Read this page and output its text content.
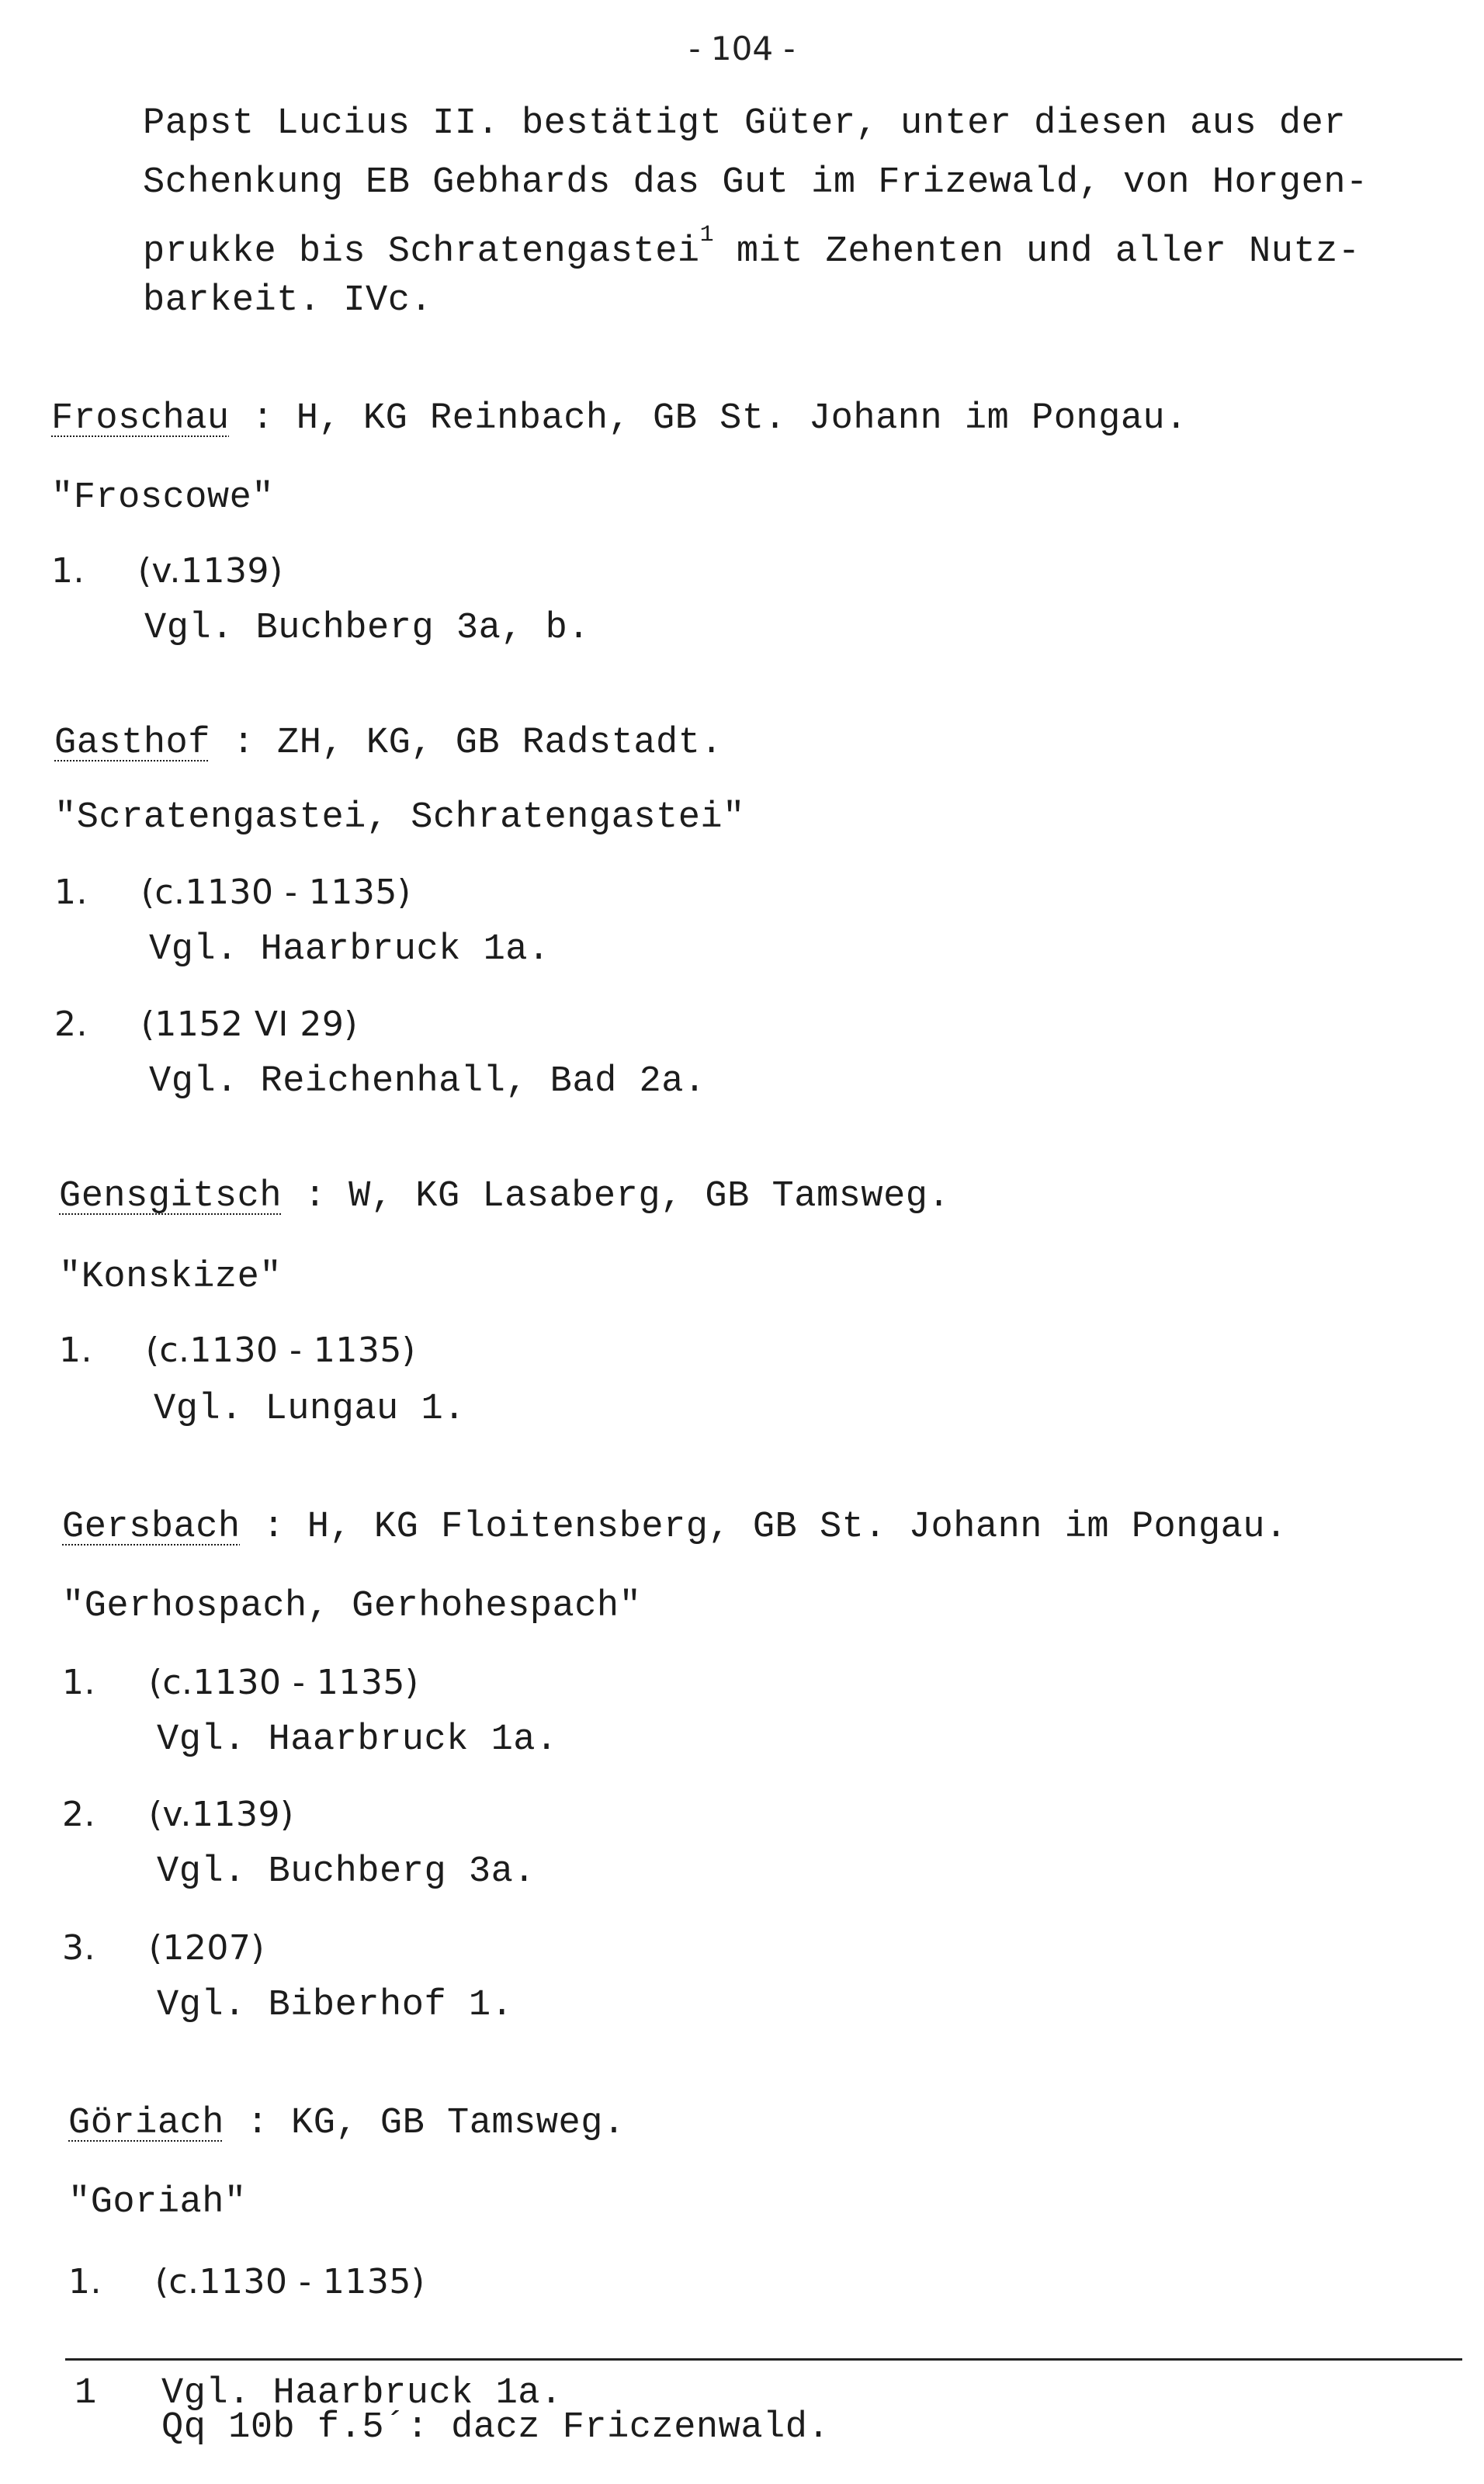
- 104 -
Papst Lucius II. bestätigt Güter, unter diesen aus der
Schenkung EB Gebhards das Gut im Frizewald, von Horgen-
prukke bis Schratengastei$^1$ mit Zehenten und aller Nutz-
barkeit. IVc.
Froschau : H, KG Reinbach, GB St. Johann im Pongau.
"Froscowe"
1. (v.1139)
Vgl. Buchberg 3a, b.
Gasthof : ZH, KG, GB Radstadt.
"Scratengastei, Schratengastei"
1. (c.1130 - 1135)
Vgl. Haarbruck 1a.
2. (1152 VI 29)
Vgl. Reichenhall, Bad 2a.
Gensgitsch : W, KG Lasaberg, GB Tamsweg.
"Konskize"
1. (c.1130 - 1135)
Vgl. Lungau 1.
Gersbach : H, KG Floitensberg, GB St. Johann im Pongau.
"Gerhospach, Gerhohespach"
1. (c.1130 - 1135)
Vgl. Haarbruck 1a.
2. (v.1139)
Vgl. Buchberg 3a.
3. (1207)
Vgl. Biberhof 1.
Göriach : KG, GB Tamsweg.
"Goriah"
1. (c.1130 - 1135)
1 Vgl. Haarbruck 1a.
Qq 10b f.5´: dacz Friczenwald.
